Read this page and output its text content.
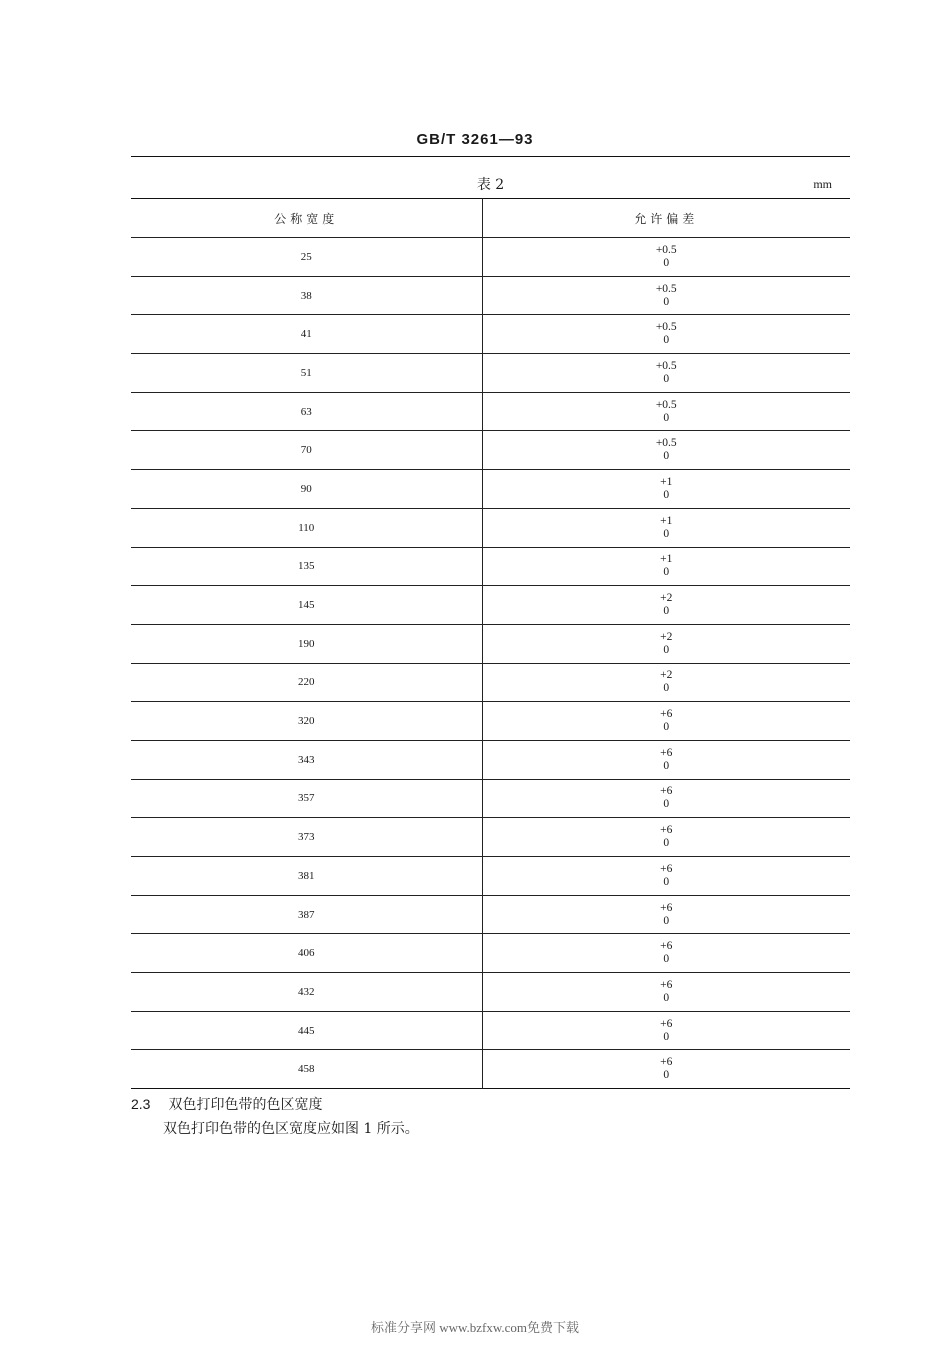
GB/T 3261—93
表 2	mm
公称宽度	允许偏差
25	+0.5
0

38	+0.5
0

41	+0.5
0

51	+0.5
0

63	+0.5
0

70	+0.5
0

90	+1
0

110	+1
0

135	+1
0

145	+2
0

190	+2
0

220	+2
0

320	+6
0

343	+6
0

357	+6
0

373	+6
0

381	+6
0

387	+6
0

406	+6
0

432	+6
0

445	+6
0

458	+6
0
2.3 双色打印色带的色区宽度
双色打印色带的色区宽度应如图 1 所示。
标准分享网 www.bzfxw.com免费下载
